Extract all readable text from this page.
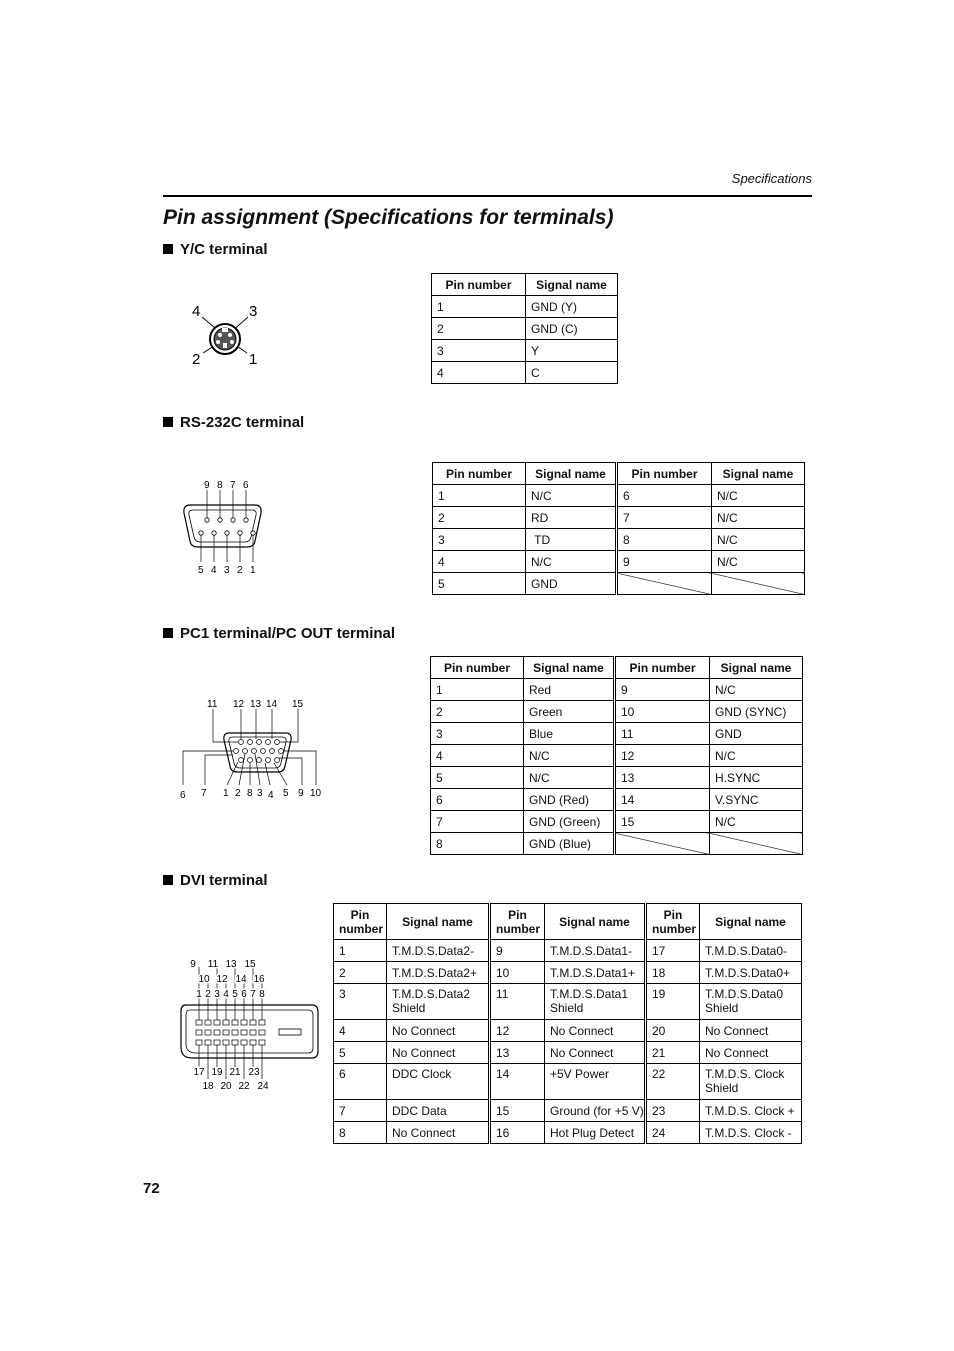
Specifications
Pin assignment (Specifications for terminals)
Y/C terminal
4	3
2	1
Pin number	Signal name
1	GND (Y)
2	GND (C)
3	Y
4	C
RS-232C terminal
9 8 7 6
5 4 3 2 1
Pin number	Signal name	Pin number	Signal name
1	N/C	6	N/C
2	RD	7	N/C
3	TD	8	N/C
4	N/C	9	N/C
5	GND		
PC1 terminal/PC OUT terminal
11 12 13 14 15
6 7 1 2 8 3 4 5 9 10
Pin number	Signal name	Pin number	Signal name
1	Red	9	N/C
2	Green	10	GND (SYNC)
3	Blue	11	GND
4	N/C	12	N/C
5	N/C	13	H.SYNC
6	GND (Red)	14	V.SYNC
7	GND (Green)	15	N/C
8	GND (Blue)		
DVI terminal
9 11 13 15
10 12 14 16
1 2 3 4 5 6 7 8
17 19 21 23
18 20 22 24
Pin number	Signal name	Pin number	Signal name	Pin number	Signal name
1	T.M.D.S.Data2-	9	T.M.D.S.Data1-	17	T.M.D.S.Data0-
2	T.M.D.S.Data2+	10	T.M.D.S.Data1+	18	T.M.D.S.Data0+
3	T.M.D.S.Data2 Shield	11	T.M.D.S.Data1 Shield	19	T.M.D.S.Data0 Shield
4	No Connect	12	No Connect	20	No Connect
5	No Connect	13	No Connect	21	No Connect
6	DDC Clock	14	+5V Power	22	T.M.D.S. Clock Shield
7	DDC Data	15	Ground (for +5 V)	23	T.M.D.S. Clock +
8	No Connect	16	Hot Plug Detect	24	T.M.D.S. Clock -
72
